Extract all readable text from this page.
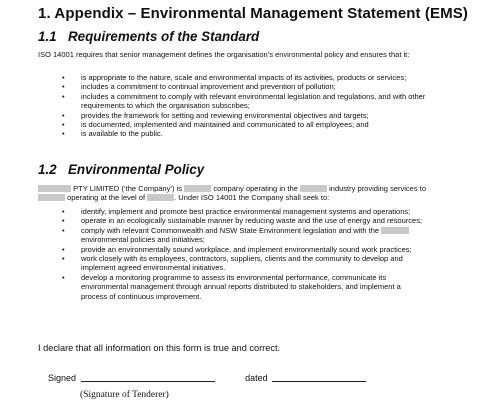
1. Appendix – Environmental Management Statement (EMS)
1.1 Requirements of the Standard
ISO 14001 requires that senior management defines the organisation’s environmental policy and ensures that it:
• is appropriate to the nature, scale and environmental impacts of its activities, products or services;
• includes a commitment to continual improvement and prevention of pollution;
• includes a commitment to comply with relevant environmental legislation and regulations, and with other requirements to which the organisation subscribes;
• provides the framework for setting and reviewing environmental objectives and targets;
• is documented, implemented and maintained and communicated to all employees; and
• is available to the public.
1.2 Environmental Policy
PTY LIMITED (‘the Company’) is	company operating in the	industry providing services to  operating at the level of	. Under ISO 14001 the Company shall seek to:
• identify, implement and promote best practice environmental management systems and operations;
• operate in an ecologically sustainable manner by reducing waste and the use of energy and resources;
• comply with relevant Commonwealth and NSW State Environment legislation and with the  environmental policies and initiatives;
• provide an environmentally sound workplace, and implement environmentally sound work practices;
• work closely with its employees, contractors, suppliers, clients and the community to develop and implement agreed environmental initiatives.
• develop a monitoring programme to assess its environmental performance, communicate its environmental management through annual reports distributed to stakeholders, and implement a process of continuous improvement.
I declare that all information on this form is true and correct.
Signed	dated
(Signature of Tenderer)
